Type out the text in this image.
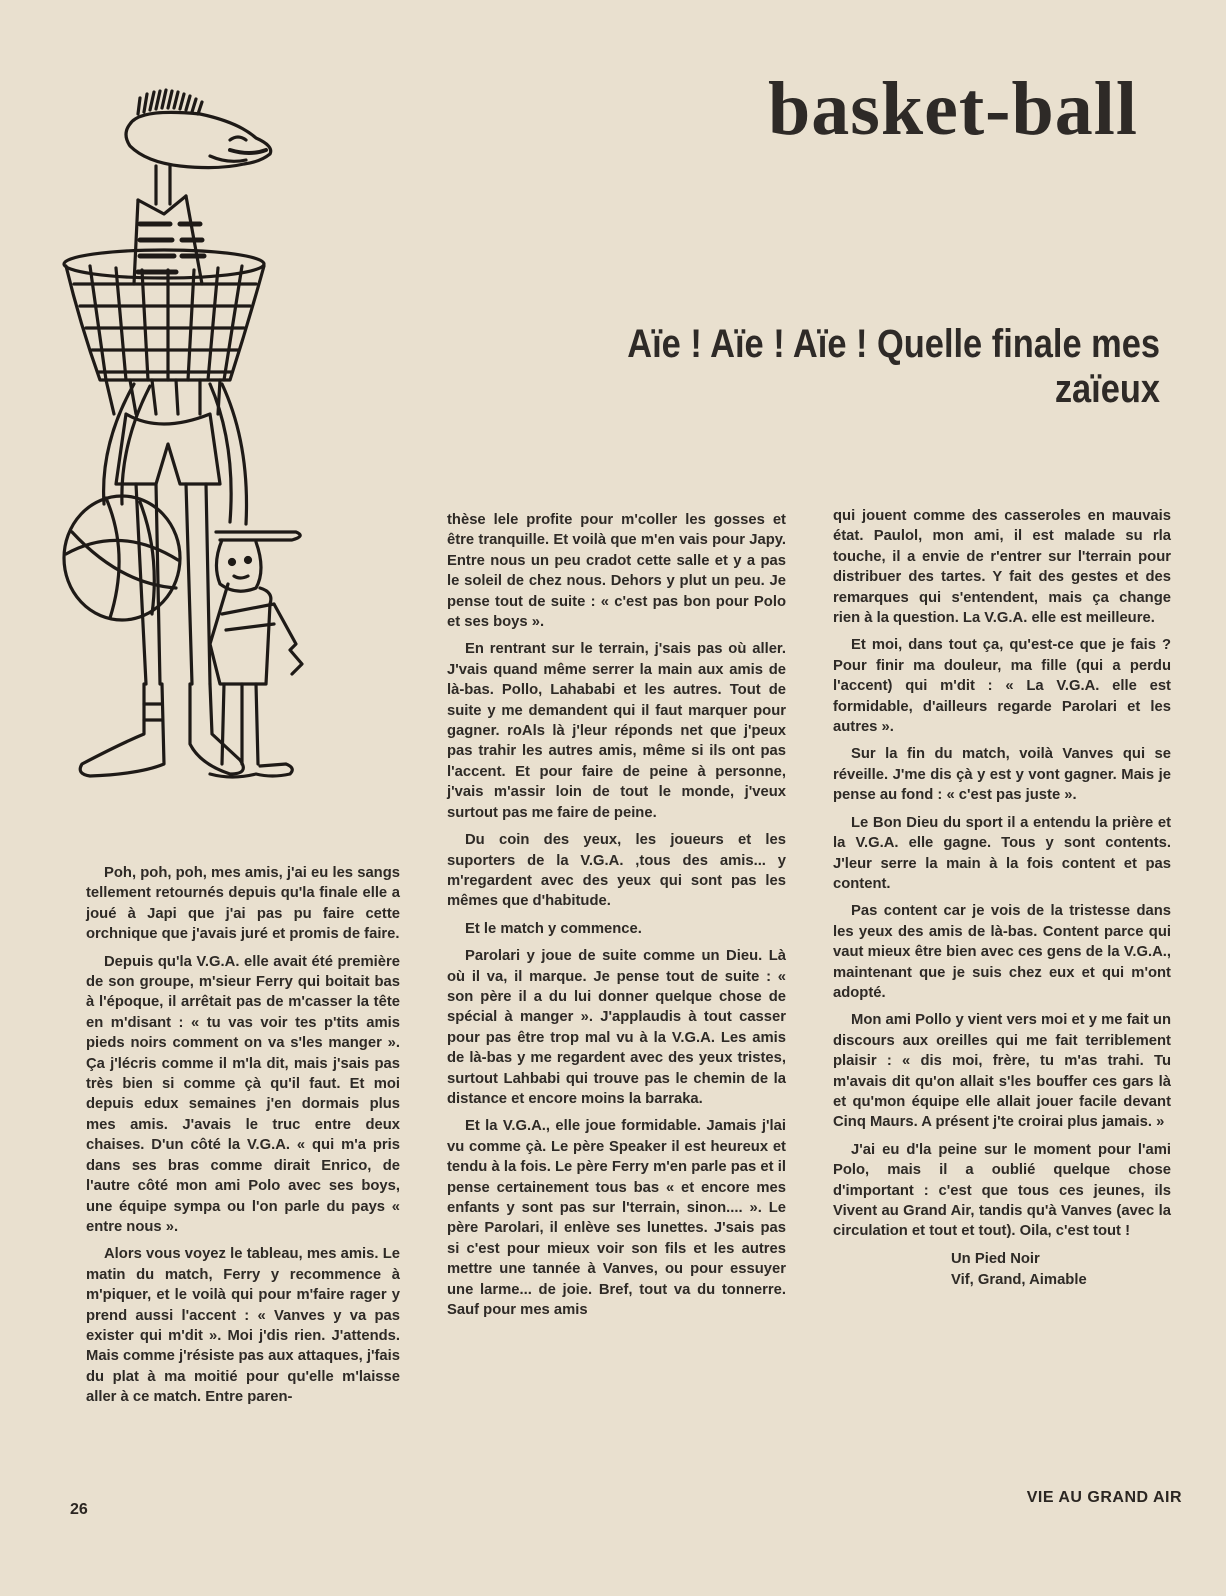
basket-ball
Aïe ! Aïe ! Aïe ! Quelle finale mes zaïeux

Poh, poh, poh, mes amis, j'ai eu les sangs tellement retournés depuis qu'la finale elle a joué à Japi que j'ai pas pu faire cette orchnique que j'avais juré et promis de faire.

Depuis qu'la V.G.A. elle avait été première de son groupe, m'sieur Ferry qui boitait bas à l'époque, il arrêtait pas de m'casser la tête en m'disant : « tu vas voir tes p'tits amis pieds noirs comment on va s'les manger ». Ça j'lécris comme il m'la dit, mais j'sais pas très bien si comme çà qu'il faut. Et moi depuis edux semaines j'en dormais plus mes amis. J'avais le truc entre deux chaises. D'un côté la V.G.A. « qui m'a pris dans ses bras comme dirait Enrico, de l'autre côté mon ami Polo avec ses boys, une équipe sympa ou l'on parle du pays « entre nous ».

Alors vous voyez le tableau, mes amis. Le matin du match, Ferry y recommence à m'piquer, et le voilà qui pour m'faire rager y prend aussi l'accent : « Vanves y va pas exister qui m'dit ». Moi j'dis rien. J'attends. Mais comme j'résiste pas aux attaques, j'fais du plat à ma moitié pour qu'elle m'laisse aller à ce match. Entre paren-

thèse lele profite pour m'coller les gosses et être tranquille. Et voilà que m'en vais pour Japy. Entre nous un peu cradot cette salle et y a pas le soleil de chez nous. Dehors y plut un peu. Je pense tout de suite : « c'est pas bon pour Polo et ses boys ».

En rentrant sur le terrain, j'sais pas où aller. J'vais quand même serrer la main aux amis de là-bas. Pollo, Lahababi et les autres. Tout de suite y me demandent qui il faut marquer pour gagner. roAls là j'leur réponds net que j'peux pas trahir les autres amis, même si ils ont pas l'accent. Et pour faire de peine à personne, j'vais m'assir loin de tout le monde, j'veux surtout pas me faire de peine.

Du coin des yeux, les joueurs et les suporters de la V.G.A. ,tous des amis... y m'regardent avec des yeux qui sont pas les mêmes que d'habitude.

Et le match y commence.

Parolari y joue de suite comme un Dieu. Là où il va, il marque. Je pense tout de suite : « son père il a du lui donner quelque chose de spécial à manger ». J'applaudis à tout casser pour pas être trop mal vu à la V.G.A. Les amis de là-bas y me regardent avec des yeux tristes, surtout Lahbabi qui trouve pas le chemin de la distance et encore moins la barraka.

Et la V.G.A., elle joue formidable. Jamais j'lai vu comme çà. Le père Speaker il est heureux et tendu à la fois. Le père Ferry m'en parle pas et il pense certainement tous bas « et encore mes enfants y sont pas sur l'terrain, sinon.... ». Le père Parolari, il enlève ses lunettes. J'sais pas si c'est pour mieux voir son fils et les autres mettre une tannée à Vanves, ou pour essuyer une larme... de joie. Bref, tout va du tonnerre. Sauf pour mes amis

qui jouent comme des casseroles en mauvais état. Paulol, mon ami, il est malade su rla touche, il a envie de r'entrer sur l'terrain pour distribuer des tartes. Y fait des gestes et des remarques qui s'entendent, mais ça change rien à la question. La V.G.A. elle est meilleure.

Et moi, dans tout ça, qu'est-ce que je fais ? Pour finir ma douleur, ma fille (qui a perdu l'accent) qui m'dit : « La V.G.A. elle est formidable, d'ailleurs regarde Parolari et les autres ».

Sur la fin du match, voilà Vanves qui se réveille. J'me dis çà y est y vont gagner. Mais je pense au fond : « c'est pas juste ».

Le Bon Dieu du sport il a entendu la prière et la V.G.A. elle gagne. Tous y sont contents. J'leur serre la main à la fois content et pas content.

Pas content car je vois de la tristesse dans les yeux des amis de là-bas. Content parce qui vaut mieux être bien avec ces gens de la V.G.A., maintenant que je suis chez eux et qui m'ont adopté.

Mon ami Pollo y vient vers moi et y me fait un discours aux oreilles qui me fait terriblement plaisir : « dis moi, frère, tu m'as trahi. Tu m'avais dit qu'on allait s'les bouffer ces gars là et qu'mon équipe elle allait jouer facile devant Cinq Maurs. A présent j'te croirai plus jamais. »

J'ai eu d'la peine sur le moment pour l'ami Polo, mais il a oublié quelque chose d'important : c'est que tous ces jeunes, ils Vivent au Grand Air, tandis qu'à Vanves (avec la circulation et tout et tout). Oila, c'est tout !

Un Pied Noir
Vif, Grand, Aimable
26
VIE AU GRAND AIR
